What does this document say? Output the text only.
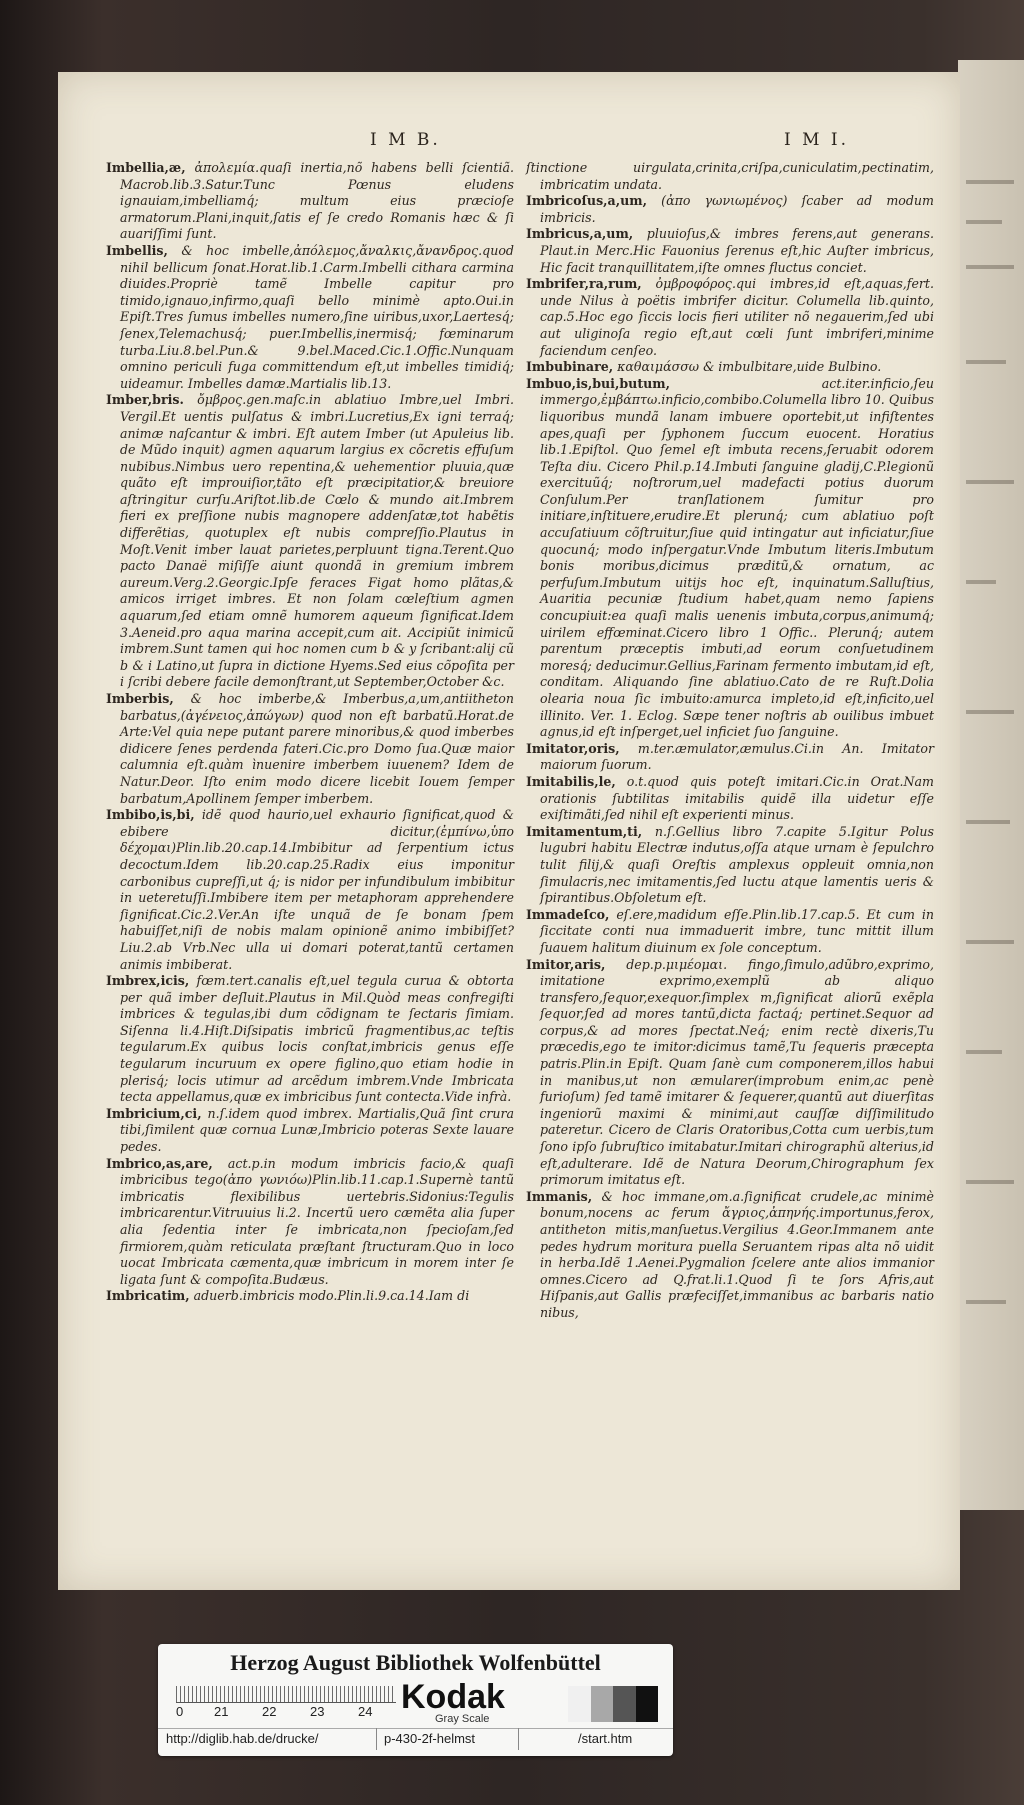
I M B.	I M I.

Imbellia,æ, ἀπολεμία.quaſi inertia,nõ habens belli ſcientiã. Macrob.lib.3.Satur.Tunc Pœnus eludens ignauiam,imbelliamq́; multum eius præcioſe armatorum.Plani,inquit,ſatis eſ ſe credo Romanis hæc & ſi auariſſimi ſunt.

Imbellis, & hoc imbelle,ἀπόλεμος,ἄναλκις,ἄνανδρος.quod nihil bellicum ſonat.Horat.lib.1.Carm.Imbelli cithara carmina diuides.Propriè tamẽ Imbelle capitur pro timido,ignauo,infirmo,quaſi bello minimè apto.Oui.in Epiſt.Tres ſumus imbelles numero,ſine uiribus,uxor,Laertesq́; ſenex,Telemachusq́; puer.Imbellis,inermisq́; fœminarum turba.Liu.8.bel.Pun.& 9.bel.Maced.Cic.1.Offic.Nunquam omnino periculi fuga committendum eſt,ut imbelles timidiq́; uideamur. Imbelles damæ.Martialis lib.13.

Imber,bris. ὄμβρος.gen.maſc.in ablatiuo Imbre,uel Imbri. Vergil.Et uentis pulſatus & imbri.Lucretius,Ex igni terraq́; animæ naſcantur & imbri. Eſt autem Imber (ut Apuleius lib. de Mũdo inquit) agmen aquarum largius ex cõcretis effuſum nubibus.Nimbus uero repentina,& uehementior pluuia,quæ quãto eſt improuiſior,tãto eſt præcipitatior,& breuiore aſtringitur curſu.Ariſtot.lib.de Cœlo & mundo ait.Imbrem fieri ex preſſione nubis magnopere addenſatæ,tot habẽtis differẽtias, quotuplex eſt nubis compreſſio.Plautus in Moſt.Venit imber lauat parietes,perpluunt tigna.Terent.Quo pacto Danaë miſiſſe aiunt quondã in gremium imbrem aureum.Verg.2.Georgic.Ipſe feraces Figat homo plãtas,& amicos irriget imbres. Et non ſolam cœleſtium agmen aquarum,ſed etiam omnẽ humorem aqueum ſignificat.Idem 3.Aeneid.pro aqua marina accepit,cum ait. Accipiũt inimicũ imbrem.Sunt tamen qui hoc nomen cum b & y ſcribant:alij cũ b & i Latino,ut ſupra in dictione Hyems.Sed eius cõpoſita per i ſcribi debere facile demonſtrant,ut September,October &c.

Imberbis, & hoc imberbe,& Imberbus,a,um,antiitheton barbatus,(ἀγένειος,ἀπώγων) quod non eſt barbatũ.Horat.de Arte:Vel quia nepe putant parere minoribus,& quod imberbes didicere ſenes perdenda fateri.Cic.pro Domo ſua.Quæ maior calumnia eſt.quàm ìnuenire imberbem iuuenem? Idem de Natur.Deor. Iſto enim modo dicere licebit Iouem ſemper barbatum,Apollinem ſemper imberbem.

Imbibo,is,bi, idẽ quod haurio,uel exhaurio ſignificat,quod & ebibere dicitur,(ἐμπίνω,ὑπο δέχομαι)Plin.lib.20.cap.14.Imbibitur ad ſerpentium ictus decoctum.Idem lib.20.cap.25.Radix eius imponitur carbonibus cupreſſi,ut q́; is nidor per infundibulum imbibitur in ueteretuſſi.Imbibere item per metaphoram apprehendere ſignificat.Cic.2.Ver.An iſte unquã de ſe bonam ſpem habuiſſet,niſi de nobis malam opinionẽ animo imbibiſſet?Liu.2.ab Vrb.Nec ulla ui domari poterat,tantũ certamen animis imbiberat.

Imbrex,icis, fœm.tert.canalis eſt,uel tegula curua & obtorta per quã imber deſluit.Plautus in Mil.Quòd meas confregiſti imbrices & tegulas,ibi dum cõdignam te ſectaris ſimiam. Siſenna li.4.Hiſt.Diſsipatis imbricũ fragmentibus,ac teſtis tegularum.Ex quibus locis conſtat,imbricis genus eſſe tegularum incuruum ex opere figlino,quo etiam hodie in plerisq́; locis utimur ad arcẽdum imbrem.Vnde Imbricata tecta appellamus,quæ ex imbricibus ſunt contecta.Vide infrà.

Imbricium,ci, n.ſ.idem quod imbrex. Martialis,Quã ſint crura tibi,ſimilent quæ cornua Lunæ,Imbricio poteras Sexte lauare pedes.

Imbrico,as,are, act.p.in modum imbricis facio,& quaſi imbricibus tego(ἀπο γωνιόω)Plin.lib.11.cap.1.Supernè tantũ imbricatis flexibilibus uertebris.Sidonius:Tegulis imbricarentur.Vitruuius li.2. Incertũ uero cæmẽta alia ſuper alia ſedentia inter ſe imbricata,non ſpecioſam,ſed firmiorem,quàm reticulata præſtant ſtructuram.Quo in loco uocat Imbricata cæmenta,quæ imbricum in morem inter ſe ligata ſunt & compoſita.Budæus.

Imbricatim, aduerb.imbricis modo.Plin.li.9.ca.14.Iam di

ſtinctione uirgulata,crinita,criſpa,cuniculatim,pectinatim, imbricatim undata.

Imbricoſus,a,um, (ἀπο γωνιωμένος) ſcaber ad modum imbricis.

Imbricus,a,um, pluuioſus,& imbres ferens,aut generans. Plaut.in Merc.Hic Fauonius ſerenus eſt,hic Auſter imbricus, Hic facit tranquillitatem,iſte omnes fluctus conciet.

Imbrifer,ra,rum, ὀμβροφόρος.qui imbres,id eſt,aquas,fert. unde Nilus à poëtis imbrifer dicitur. Columella lib.quinto, cap.5.Hoc ego ſiccis locis fieri utiliter nõ negauerim,ſed ubi aut uliginoſa regio eſt,aut cœli ſunt imbriferi,minime faciendum cenſeo.

Imbubinare, καθαιμάσσω & imbulbitare,uide Bulbino.

Imbuo,is,bui,butum, act.iter.inficio,ſeu immergo,ἐμβάπτω.inficio,combibo.Columella libro 10. Quibus liquoribus mundã lanam imbuere oportebit,ut infiſtentes apes,quaſi per ſyphonem ſuccum euocent. Horatius lib.1.Epiſtol. Quo ſemel eſt imbuta recens,ſeruabit odorem Teſta diu. Cicero Phil.p.14.Imbuti ſanguine gladij,C.P.legionũ exercituũq́; noſtrorum,uel madefacti potius duorum Conſulum.Per tranſlationem ſumitur pro initiare,inſtituere,erudire.Et plerunq́; cum ablatiuo poſt accuſatiuum cõſtruitur,ſiue quid intingatur aut inficiatur,ſiue quocunq́; modo inſpergatur.Vnde Imbutum literis.Imbutum bonis moribus,dicimus præditũ,& ornatum, ac perfuſum.Imbutum uitijs hoc eſt, inquinatum.Salluſtius, Auaritia pecuniæ ſtudium habet,quam nemo ſapiens concupiuit:ea quaſi malis uenenis imbuta,corpus,animumq́; uirilem effœminat.Cicero libro 1 Offic.. Plerunq́; autem parentum præceptis imbuti,ad eorum conſuetudinem moresq́; deducimur.Gellius,Farinam fermento imbutam,id eſt, conditam. Aliquando ſine ablatiuo.Cato de re Ruſt.Dolia olearia noua ſic imbuito:amurca impleto,id eſt,inficito,uel illinito. Ver. 1. Eclog. Sæpe tener noſtris ab ouilibus imbuet agnus,id eſt inſperget,uel inficiet ſuo ſanguine.

Imitator,oris, m.ter.æmulator,æmulus.Ci.in An. Imitator maiorum ſuorum.

Imitabilis,le, o.t.quod quis poteſt imitari.Cic.in Orat.Nam orationis ſubtilitas imitabilis quidẽ illa uidetur eſſe exiſtimãti,ſed nihil eſt experienti minus.

Imitamentum,ti, n.ſ.Gellius libro 7.capite 5.Igitur Polus lugubri habitu Electræ indutus,oſſa atque urnam è ſepulchro tulit filij,& quaſi Oreſtis amplexus oppleuit omnia,non ſimulacris,nec imitamentis,ſed luctu atque lamentis ueris & ſpirantibus.Obſoletum eſt.

Immadeſco, eſ.ere,madidum eſſe.Plin.lib.17.cap.5. Et cum in ſiccitate conti nua immaduerit imbre, tunc mittit illum ſuauem halitum diuinum ex ſole conceptum.

Imitor,aris, dep.p.μιμέομαι. fingo,ſimulo,adũbro,exprimo, imitatione exprimo,exemplũ ab aliquo transfero,ſequor,exequor.ſimplex m,ſignificat aliorũ exẽpla ſequor,ſed ad mores tantũ,dicta factaq́; pertinet.Sequor ad corpus,& ad mores ſpectat.Neq́; enim rectè dixeris,Tu præcedis,ego te imitor:dicimus tamẽ,Tu ſequeris præcepta patris.Plin.in Epiſt. Quam ſanè cum componerem,illos habui in manibus,ut non æmularer(improbum enim,ac penè furioſum) ſed tamẽ imitarer & ſequerer,quantũ aut diuerſitas ingeniorũ maximi & minimi,aut cauſſæ diſſimilitudo pateretur. Cicero de Claris Oratoribus,Cotta cum uerbis,tum ſono ipſo ſubruſtico imitabatur.Imitari chirographũ alterius,id eſt,adulterare. Idẽ de Natura Deorum,Chirographum ſex primorum imitatus eſt.

Immanis, & hoc immane,om.a.ſignificat crudele,ac minimè bonum,nocens ac ferum ἄγριος,ἀπηνής.importunus,ferox, antitheton mitis,manſuetus.Vergilius 4.Geor.Immanem ante pedes hydrum moritura puella Seruantem ripas alta nõ uidit in herba.Idẽ 1.Aenei.Pygmalion ſcelere ante alios immanior omnes.Cicero ad Q.frat.li.1.Quod ſi te ſors Afris,aut Hiſpanis,aut Gallis præfeciſſet,immanibus ac barbaris natio nibus,

Herzog August Bibliothek Wolfenbüttel
0 21	22	23	24 Kodak
Gray Scale
http://diglib.hab.de/drucke/	p-430-2f-helmst	/start.htm
